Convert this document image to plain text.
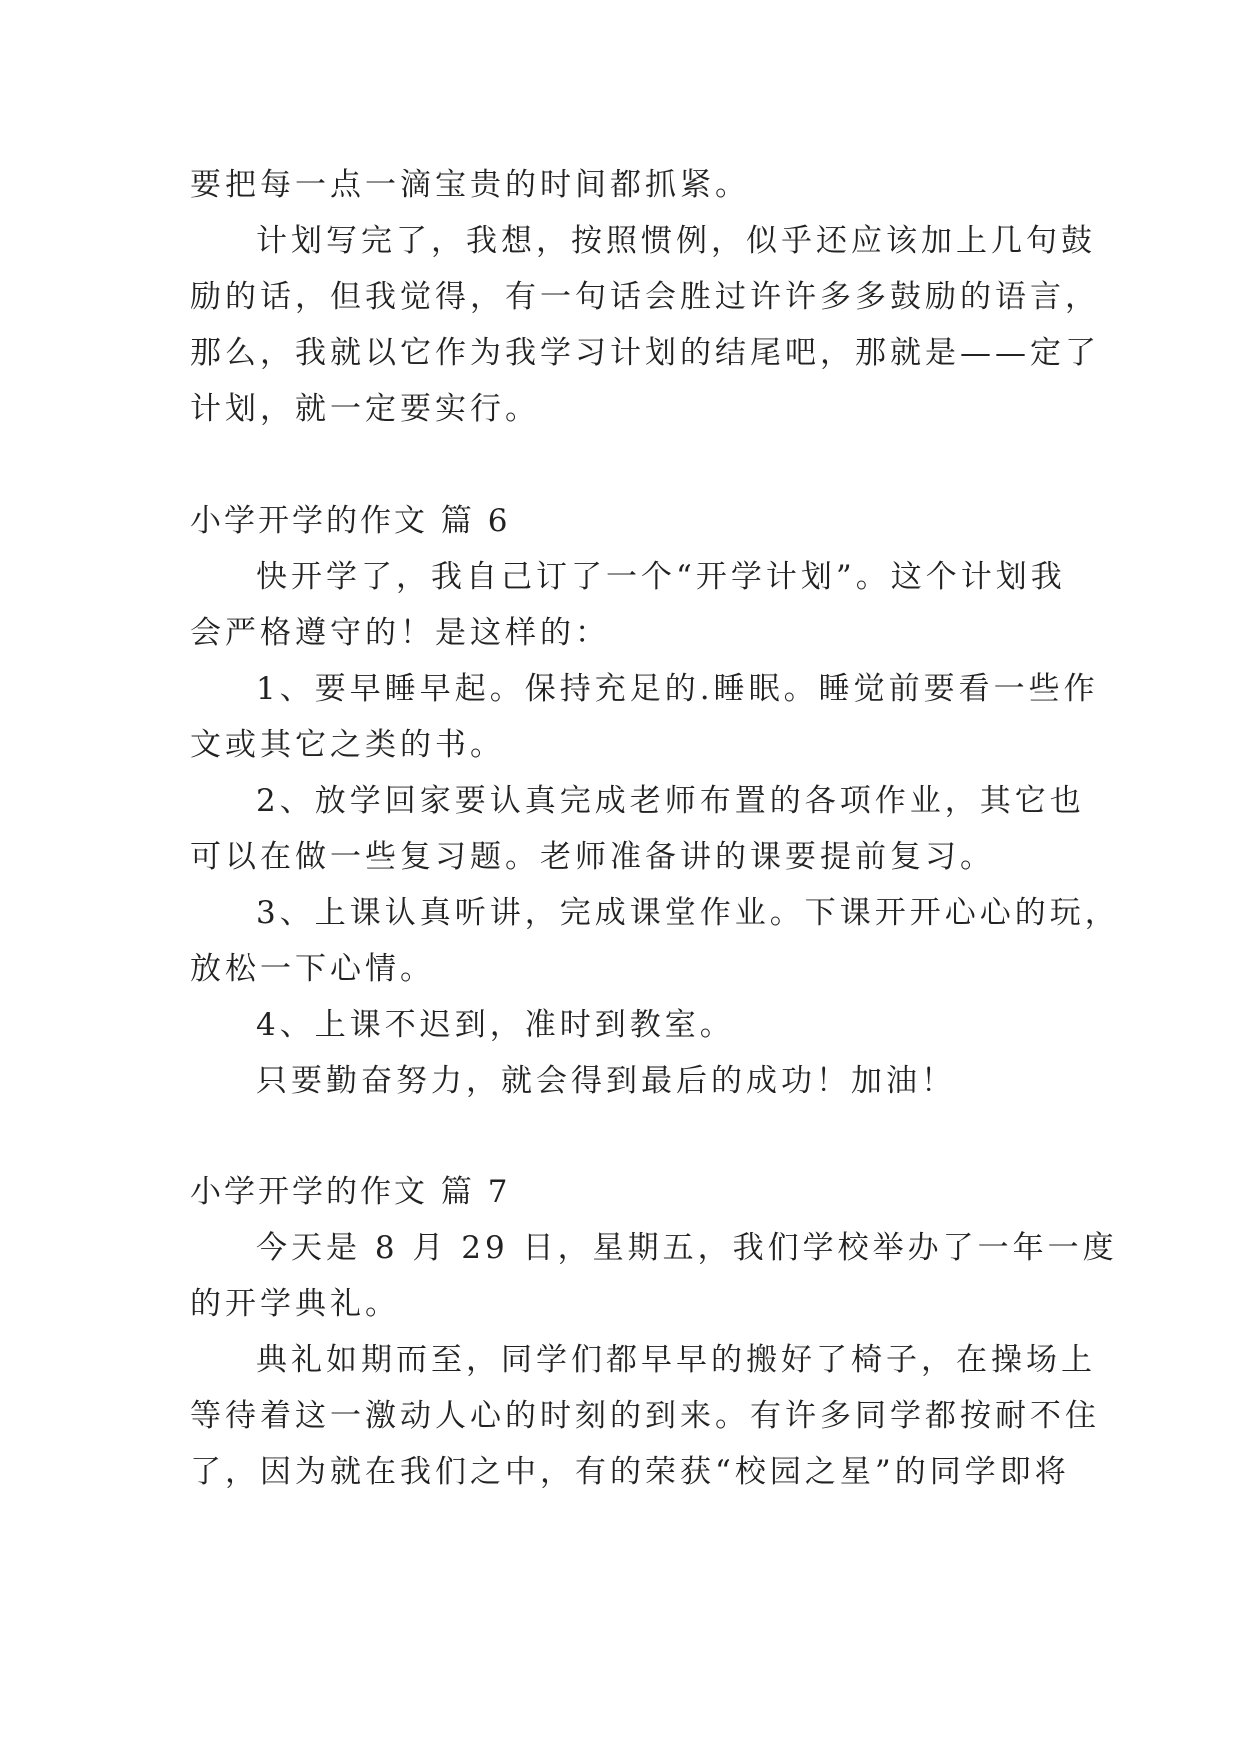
要把每一点一滴宝贵的时间都抓紧。
计划写完了，我想，按照惯例，似乎还应该加上几句鼓
励的话，但我觉得，有一句话会胜过许许多多鼓励的语言，
那么，我就以它作为我学习计划的结尾吧，那就是——定了
计划，就一定要实行。
小学开学的作文 篇 6
快开学了，我自己订了一个“开学计划”。这个计划我
会严格遵守的！是这样的：
1、要早睡早起。保持充足的.睡眠。睡觉前要看一些作
文或其它之类的书。
2、放学回家要认真完成老师布置的各项作业，其它也
可以在做一些复习题。老师准备讲的课要提前复习。
3、上课认真听讲，完成课堂作业。下课开开心心的玩，
放松一下心情。
4、上课不迟到，准时到教室。
只要勤奋努力，就会得到最后的成功！加油！
小学开学的作文 篇 7
今天是 8 月 29 日，星期五，我们学校举办了一年一度
的开学典礼。
典礼如期而至，同学们都早早的搬好了椅子，在操场上
等待着这一激动人心的时刻的到来。有许多同学都按耐不住
了，因为就在我们之中，有的荣获“校园之星”的同学即将
